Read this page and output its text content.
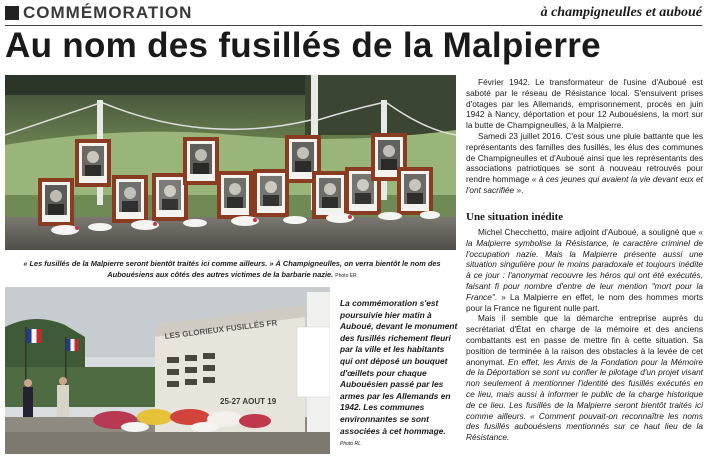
COMMÉMORATION	à champigneulles et auboué
Au nom des fusillés de la Malpierre
« Les fusillés de la Malpierre seront bientôt traités ici comme ailleurs. » À Champigneulles, on verra bientôt le nom des Aubouésiens aux côtés des autres victimes de la barbarie nazie. Photo ER
LES GLORIEUX FUSILLÉS FR
25-27 AOUT 19
La commémoration s'est poursuivie hier matin à Auboué, devant le monument des fusillés richement fleuri par la ville et les habitants qui ont déposé un bouquet d'œillets pour chaque Aubouésien passé par les armes par les Allemands en 1942. Les communes environnantes se sont associées à cet hommage. Photo RL

Février 1942. Le transformateur de l'usine d'Auboué est saboté par le réseau de Résistance local. S'ensuivent prises d'otages par les Allemands, emprisonnement, procès en juin 1942 à Nancy, déportation et pour 12 Aubouésiens, la mort sur la butte de Champigneulles, à la Malpierre.

Samedi 23 juillet 2016. C'est sous une pluie battante que les représentants des familles des fusillés, les élus des communes de Champigneulles et d'Auboué ainsi que les représentants des associations patriotiques se sont à nouveau retrouvés pour rendre hommage « à ces jeunes qui avaient la vie devant eux et l'ont sacrifiée ».

Une situation inédite

Michel Checchetto, maire adjoint d'Auboué, a souligné que « la Malpierre symbolise la Résistance, le caractère criminel de l'occupation nazie. Mais la Malpierre présente aussi une situation singulière pour le moins paradoxale et toujours inédite à ce jour : l'anonymat recouvre les héros qui ont été exécutés, faisant fi pour nombre d'entre de leur mention "mort pour la France". » La Malpierre en effet, le nom des hommes morts pour la France ne figurent nulle part.

Mais il semble que la démarche entreprise auprès du secrétariat d'État en charge de la mémoire et des anciens combattants est en passe de mettre fin à cette situation. Sa position de terminée à la raison des obstacles à la levée de cet anonymat. En effet, les Amis de la Fondation pour la Mémoire de la Déportation se sont vu confier le pilotage d'un projet visant non seulement à mentionner l'identité des fusillés exécutés en ce lieu, mais aussi à informer le public de la charge historique de ce lieu. Les fusillés de la Malpierre seront bientôt traités ici comme ailleurs. « Comment pouvait-on reconnaître les noms des fusillés aubouésiens mentionnés sur ce haut lieu de la Résistance.
